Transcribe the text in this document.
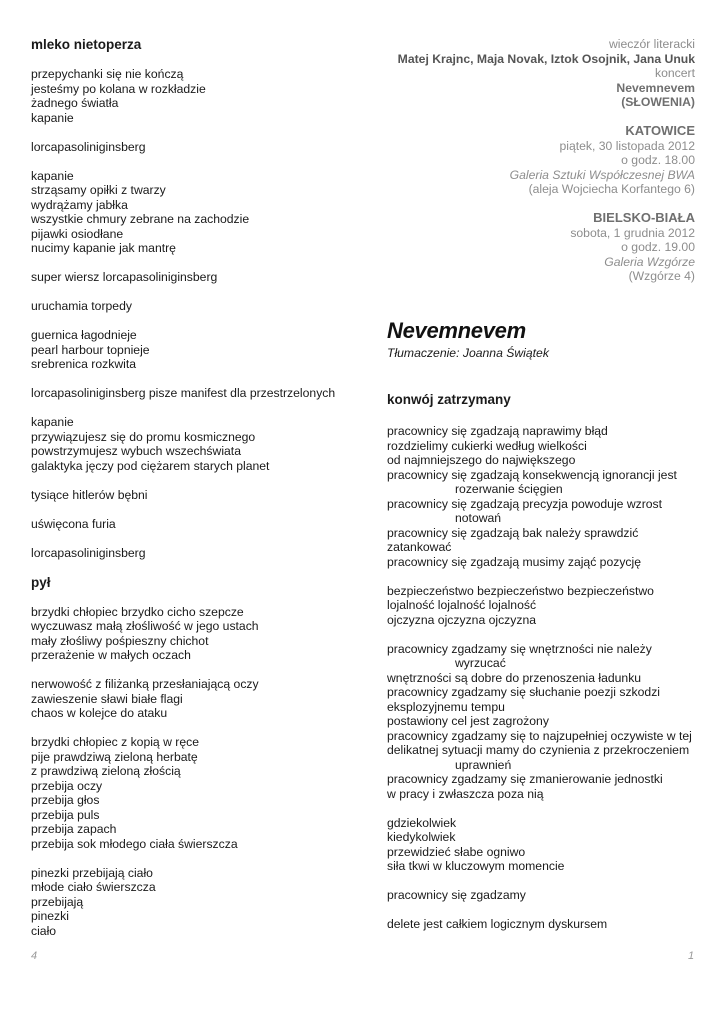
mleko nietoperza
przepychanki się nie kończą
jesteśmy po kolana w rozkładzie
żadnego światła
kapanie
lorcapasoliniginsberg
kapanie
strząsamy opiłki z twarzy
wydrążamy jabłka
wszystkie chmury zebrane na zachodzie
pijawki osiodłane
nucimy kapanie jak mantrę
super wiersz lorcapasoliniginsberg
uruchamia torpedy
guernica łagodnieje
pearl harbour topnieje
srebrenica rozkwita
lorcapasoliniginsberg pisze manifest dla przestrzelonych
kapanie
przywiązujesz się do promu kosmicznego
powstrzymujesz wybuch wszechświata
galaktyka jęczy pod ciężarem starych planet
tysiące hitlerów bębni
uświęcona furia
lorcapasoliniginsberg
pył
brzydki chłopiec brzydko cicho szepcze
wyczuwasz małą złośliwość w jego ustach
mały złośliwy pośpieszny chichot
przerażenie w małych oczach
nerwowość z filiżanką przesłaniającą oczy
zawieszenie sławi białe flagi
chaos w kolejce do ataku
brzydki chłopiec z kopią w ręce
pije prawdziwą zieloną herbatę
z prawdziwą zieloną złością
przebija oczy
przebija głos
przebija puls
przebija zapach
przebija sok młodego ciała świerszcza
pinezki przebijają ciało
młode ciało świerszcza
przebijają
pinezki
ciało
4
wieczór literacki
Matej Krajnc, Maja Novak, Iztok Osojnik, Jana Unuk
koncert
Nevemnevem
(SŁOWENIA)
KATOWICE
piątek, 30 listopada 2012
o godz. 18.00
Galeria Sztuki Współczesnej BWA
(aleja Wojciecha Korfantego 6)
BIELSKO-BIAŁA
sobota, 1 grudnia 2012
o godz. 19.00
Galeria Wzgórze
(Wzgórze 4)
Nevemnevem
Tłumaczenie: Joanna Świątek
konwój zatrzymany
pracownicy się zgadzają naprawimy błąd
rozdzielimy cukierki według wielkości
od najmniejszego do największego
pracownicy się zgadzają konsekwencją ignorancji jest
rozerwanie ścięgien
pracownicy się zgadzają precyzja powoduje wzrost
notowań
pracownicy się zgadzają bak należy sprawdzić
zatankować
pracownicy się zgadzają musimy zająć pozycję
bezpieczeństwo bezpieczeństwo bezpieczeństwo
lojalność lojalność lojalność
ojczyzna ojczyzna ojczyzna
pracownicy zgadzamy się wnętrzności nie należy
wyrzucać
wnętrzności są dobre do przenoszenia ładunku
pracownicy zgadzamy się słuchanie poezji szkodzi
eksplozyjnemu tempu
postawiony cel jest zagrożony
pracownicy zgadzamy się to najzupełniej oczywiste w tej
delikatnej sytuacji mamy do czynienia z przekroczeniem
uprawnień
pracownicy zgadzamy się zmanierowanie jednostki
w pracy i zwłaszcza poza nią
gdziekolwiek
kiedykolwiek
przewidzieć słabe ogniwo
siła tkwi w kluczowym momencie
pracownicy się zgadzamy
delete jest całkiem logicznym dyskursem
1
